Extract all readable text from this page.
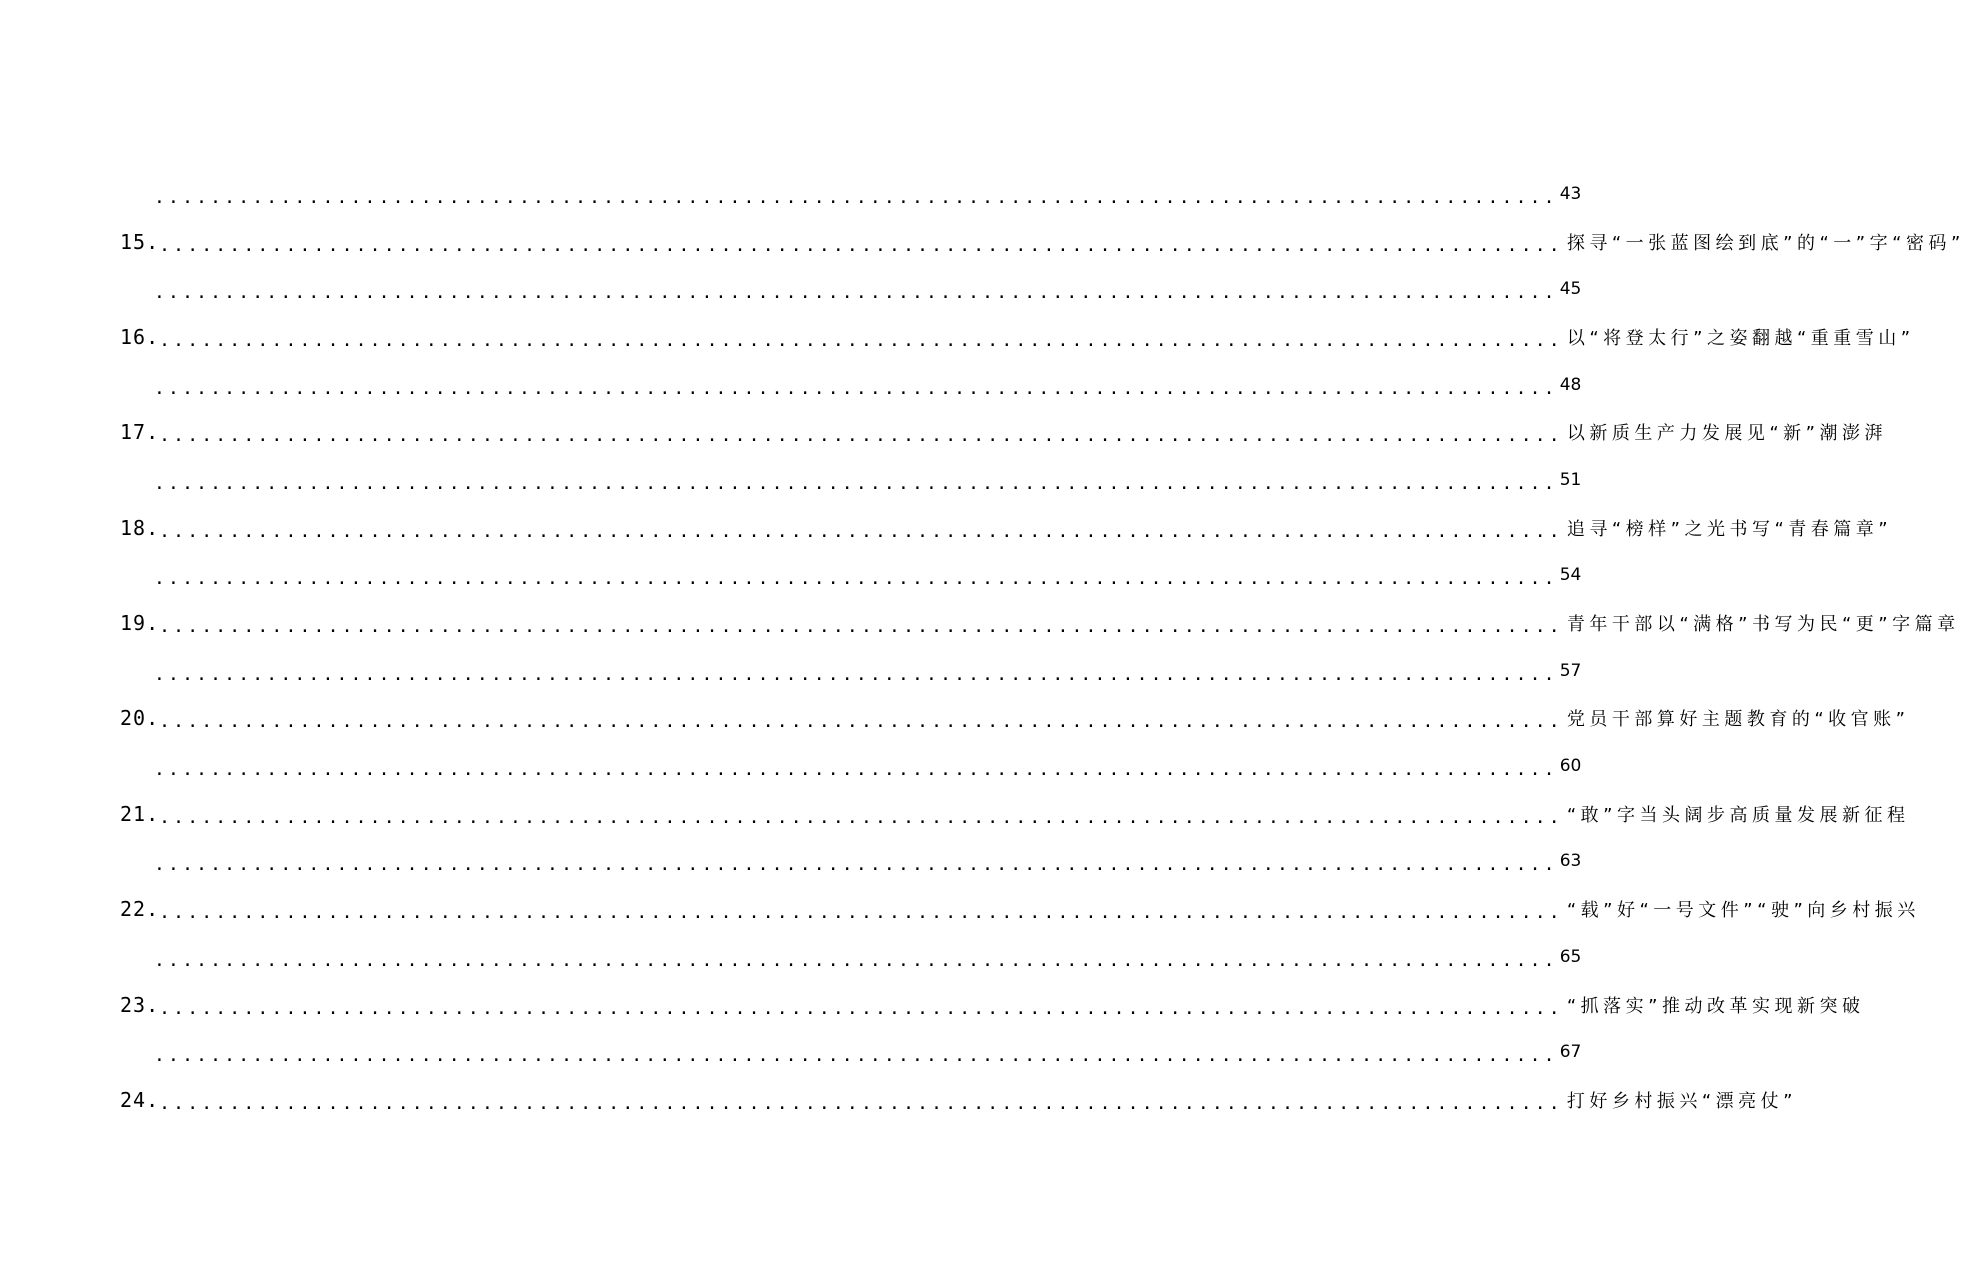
.................................................................................................... 43
15. .................................................................................................... 探寻“一张蓝图绘到底”的“一”字“密码”
.................................................................................................... 45
16. .................................................................................................... 以“将登太行”之姿翻越“重重雪山”
.................................................................................................... 48
17. .................................................................................................... 以新质生产力发展见“新”潮澎湃
.................................................................................................... 51
18. .................................................................................................... 追寻“榜样”之光书写“青春篇章”
.................................................................................................... 54
19. .................................................................................................... 青年干部以“满格”书写为民“更”字篇章
.................................................................................................... 57
20. .................................................................................................... 党员干部算好主题教育的“收官账”
.................................................................................................... 60
21. .................................................................................................... “敢”字当头阔步高质量发展新征程
.................................................................................................... 63
22. .................................................................................................... “载”好“一号文件”“驶”向乡村振兴
.................................................................................................... 65
23. .................................................................................................... “抓落实”推动改革实现新突破
.................................................................................................... 67
24. .................................................................................................... 打好乡村振兴“漂亮仗”
